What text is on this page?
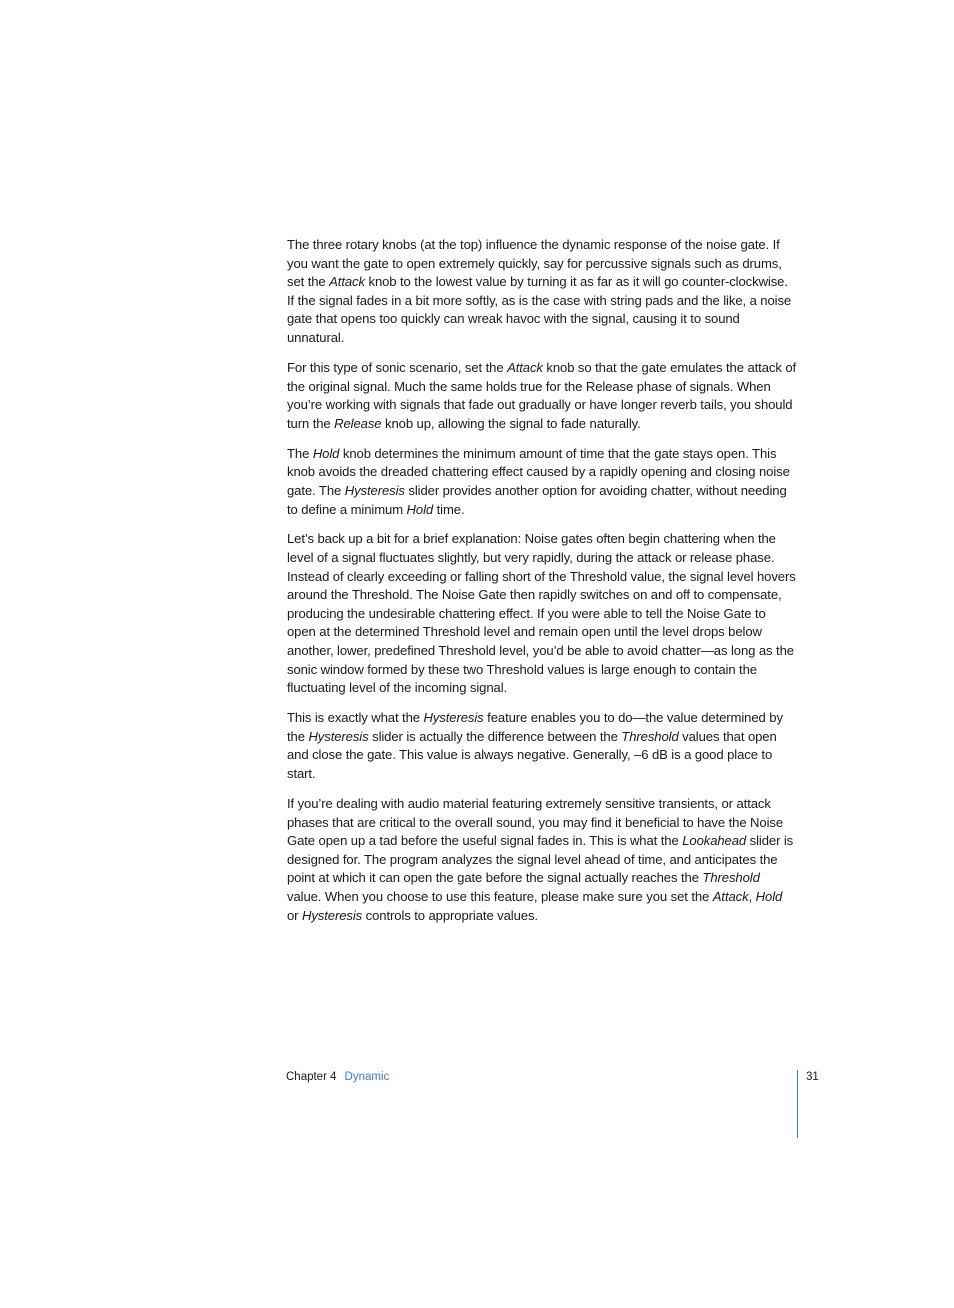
The three rotary knobs (at the top) influence the dynamic response of the noise gate. If you want the gate to open extremely quickly, say for percussive signals such as drums, set the Attack knob to the lowest value by turning it as far as it will go counter-clockwise. If the signal fades in a bit more softly, as is the case with string pads and the like, a noise gate that opens too quickly can wreak havoc with the signal, causing it to sound unnatural.

For this type of sonic scenario, set the Attack knob so that the gate emulates the attack of the original signal. Much the same holds true for the Release phase of signals. When you’re working with signals that fade out gradually or have longer reverb tails, you should turn the Release knob up, allowing the signal to fade naturally.

The Hold knob determines the minimum amount of time that the gate stays open. This knob avoids the dreaded chattering effect caused by a rapidly opening and closing noise gate. The Hysteresis slider provides another option for avoiding chatter, without needing to define a minimum Hold time.

Let’s back up a bit for a brief explanation: Noise gates often begin chattering when the level of a signal fluctuates slightly, but very rapidly, during the attack or release phase. Instead of clearly exceeding or falling short of the Threshold value, the signal level hovers around the Threshold. The Noise Gate then rapidly switches on and off to compensate, producing the undesirable chattering effect. If you were able to tell the Noise Gate to open at the determined Threshold level and remain open until the level drops below another, lower, predefined Threshold level, you’d be able to avoid chatter—as long as the sonic window formed by these two Threshold values is large enough to contain the fluctuating level of the incoming signal.

This is exactly what the Hysteresis feature enables you to do—the value determined by the Hysteresis slider is actually the difference between the Threshold values that open and close the gate. This value is always negative. Generally, –6 dB is a good place to start.

If you’re dealing with audio material featuring extremely sensitive transients, or attack phases that are critical to the overall sound, you may find it beneficial to have the Noise Gate open up a tad before the useful signal fades in. This is what the Lookahead slider is designed for. The program analyzes the signal level ahead of time, and anticipates the point at which it can open the gate before the signal actually reaches the Threshold value. When you choose to use this feature, please make sure you set the Attack, Hold or Hysteresis controls to appropriate values.

Chapter 4 Dynamic	31
